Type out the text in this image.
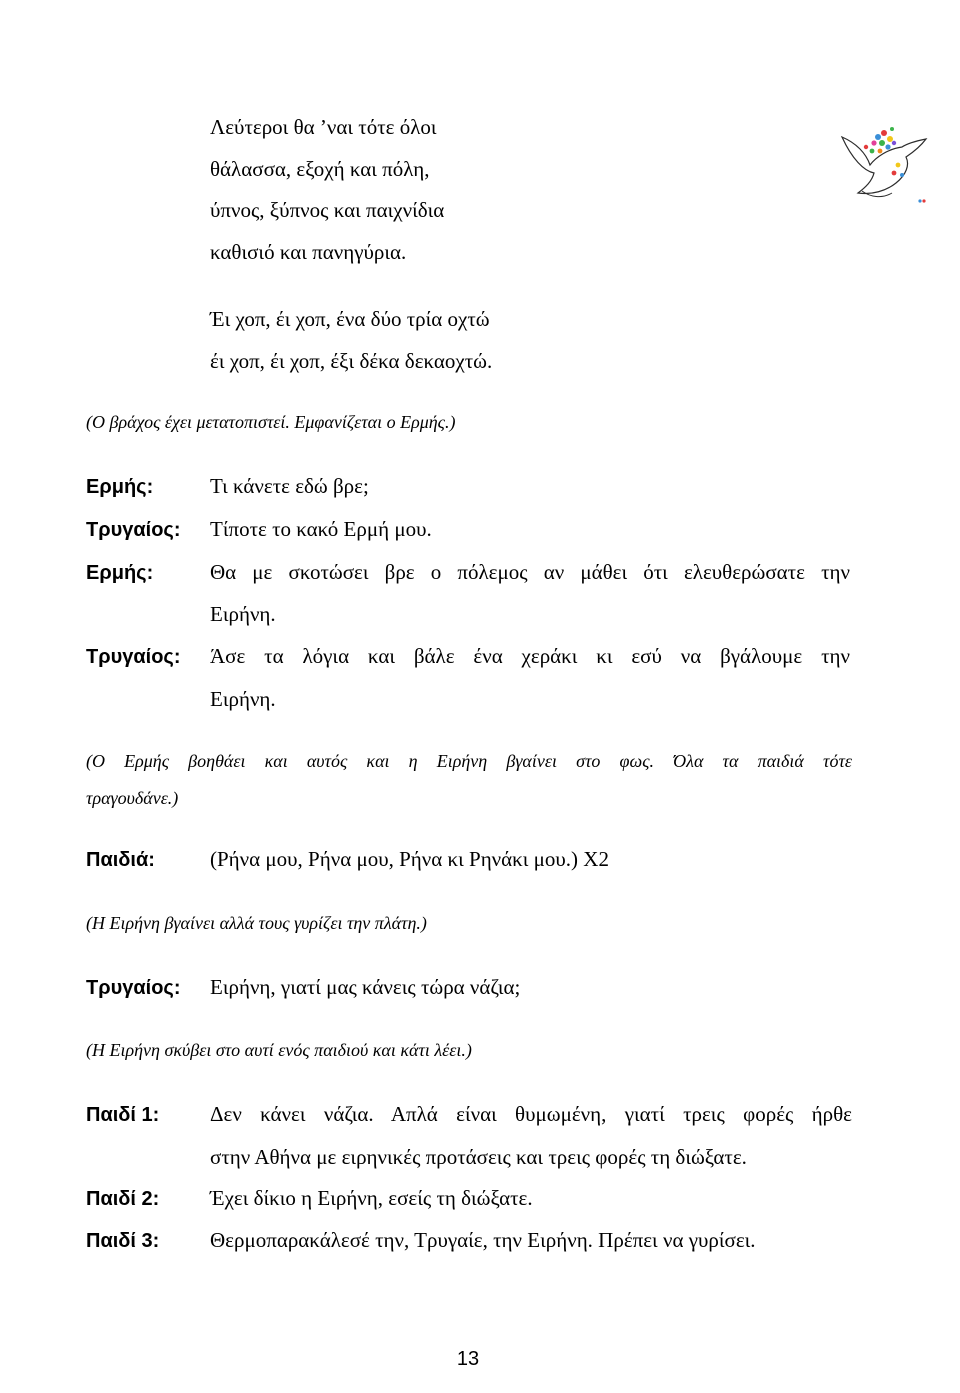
Λεύτεροι θα ’ναι τότε όλοι
θάλασσα, εξοχή και πόλη,
ύπνος, ξύπνος και παιχνίδια
καθισιό και πανηγύρια.
Έι χοπ, έι χοπ, ένα δύο τρία οχτώ
έι χοπ, έι χοπ, έξι δέκα δεκαοχτώ.
(Ο βράχος έχει μετατοπιστεί. Εμφανίζεται ο Ερμής.)
Ερμής:	Τι κάνετε εδώ βρε;
Τρυγαίος: Τίποτε το κακό Ερμή μου.
Ερμής:	Θα με σκοτώσει βρε ο πόλεμος αν μάθει ότι ελευθερώσατε την
Ειρήνη.
Τρυγαίος: Άσε τα λόγια και βάλε ένα χεράκι κι εσύ να βγάλουμε την
Ειρήνη.
(Ο Ερμής βοηθάει και αυτός και η Ειρήνη βγαίνει στο φως. Όλα τα παιδιά τότε
τραγουδάνε.)
Παιδιά:	(Ρήνα μου, Ρήνα μου, Ρήνα κι Ρηνάκι μου.) Χ2
(Η Ειρήνη βγαίνει αλλά τους γυρίζει την πλάτη.)
Τρυγαίος: Ειρήνη, γιατί μας κάνεις τώρα νάζια;
(Η Ειρήνη σκύβει στο αυτί ενός παιδιού και κάτι λέει.)
Παιδί 1: Δεν κάνει νάζια. Απλά είναι θυμωμένη, γιατί τρεις φορές ήρθε
στην Αθήνα με ειρηνικές προτάσεις και τρεις φορές τη διώξατε.
Παιδί 2: Έχει δίκιο η Ειρήνη, εσείς τη διώξατε.
Παιδί 3: Θερμοπαρακάλεσέ την, Τρυγαίε, την Ειρήνη. Πρέπει να γυρίσει.
13
